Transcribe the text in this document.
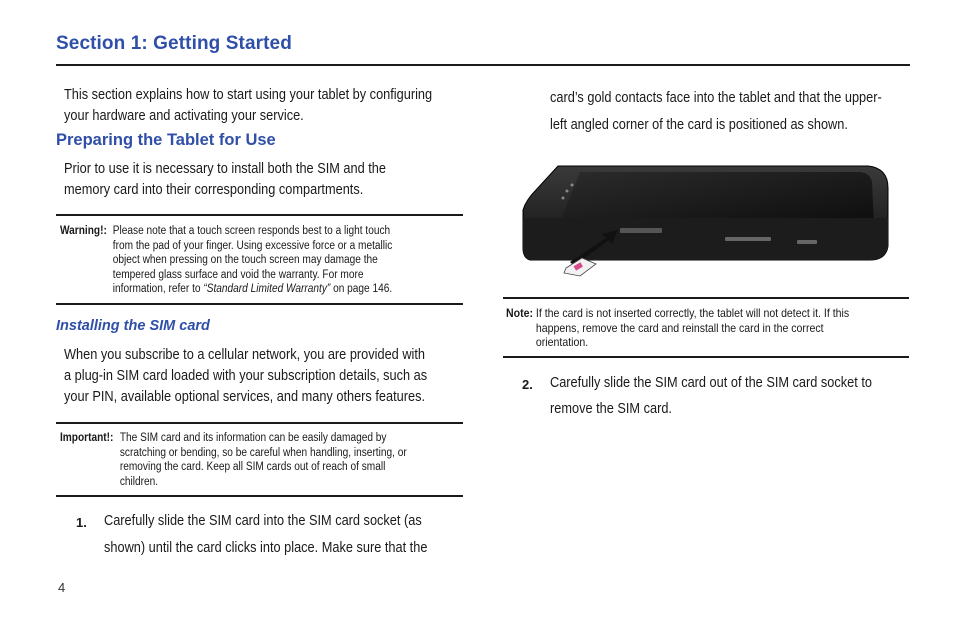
Section 1: Getting Started
This section explains how to start using your tablet by configuring
your hardware and activating your service.
Preparing the Tablet for Use
Prior to use it is necessary to install both the SIM and the
memory card into their corresponding compartments.
Warning!: Please note that a touch screen responds best to a light touch
from the pad of your finger. Using excessive force or a metallic
object when pressing on the touch screen may damage the
tempered glass surface and void the warranty. For more
information, refer to “Standard Limited Warranty” on page 146.
Installing the SIM card
When you subscribe to a cellular network, you are provided with
a plug-in SIM card loaded with your subscription details, such as
your PIN, available optional services, and many others features.
Important!: The SIM card and its information can be easily damaged by
scratching or bending, so be careful when handling, inserting, or
removing the card. Keep all SIM cards out of reach of small
children.
1. Carefully slide the SIM card into the SIM card socket (as
shown) until the card clicks into place. Make sure that the
4
card’s gold contacts face into the tablet and that the upper-
left angled corner of the card is positioned as shown.
Note: If the card is not inserted correctly, the tablet will not detect it. If this
happens, remove the card and reinstall the card in the correct
orientation.
2. Carefully slide the SIM card out of the SIM card socket to
remove the SIM card.
